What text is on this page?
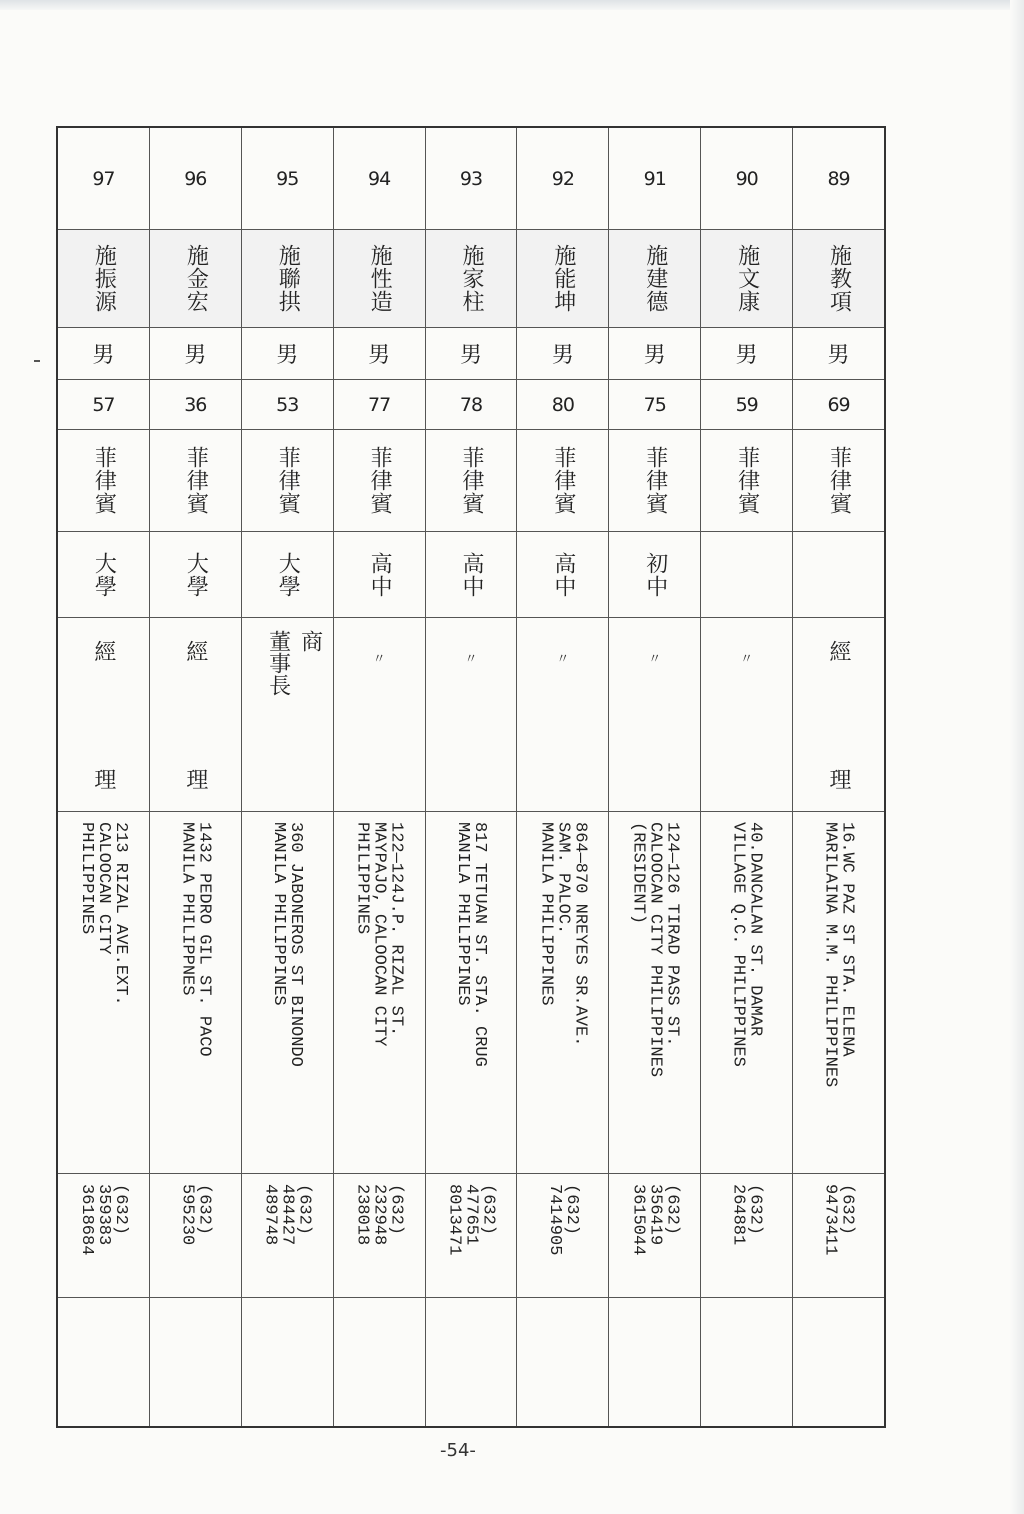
89
施教項
男
69
菲律賓
經
理
16.WC PAZ ST STA. ELENA
MARILAINA M.M. PHILIPPINES
(632)
9473411
90
施文康
男
59
菲律賓
〃
40.DANCALAN ST. DAMAR
VILLAGE Q.C. PHILIPPINES
(632)
264881
91
施建德
男
75
菲律賓
初中
〃
124—126 TIRAD PASS ST.
CALOOCAN CITY PHILIPPINES
(RESIDENT)
(632)
356419
3615044
92
施能坤
男
80
菲律賓
高中
〃
864—870 NREYES SR.AVE.
SAM. PALOC.
MANILA PHILIPPINES
(632)
7414905
93
施家柱
男
78
菲律賓
高中
〃
817 TETUAN ST. STA. CRUG
MANILA PHILIPPINES
(632)
477651
8013471
94
施性造
男
77
菲律賓
高中
〃
122—124J.P. RIZAL ST.
MAYPAJO, CALOOCAN CITY
PHILIPPINES
(632)
232948
238018
95
施聯拱
男
53
菲律賓
大學
商
董事長
360 JABONEROS ST BINONDO
MANILA PHILIPPINES
(632)
484427
489748
96
施金宏
男
36
菲律賓
大學
經
理
1432 PEDRO GIL ST. PACO
MANILA PHILIPPNES
(632)
595230
97
施振源
男
57
菲律賓
大學
經
理
213 RIZAL AVE.EXT.
CALOOCAN CITY
PHILIPPINES
(632)
359383
3618684
-54-
